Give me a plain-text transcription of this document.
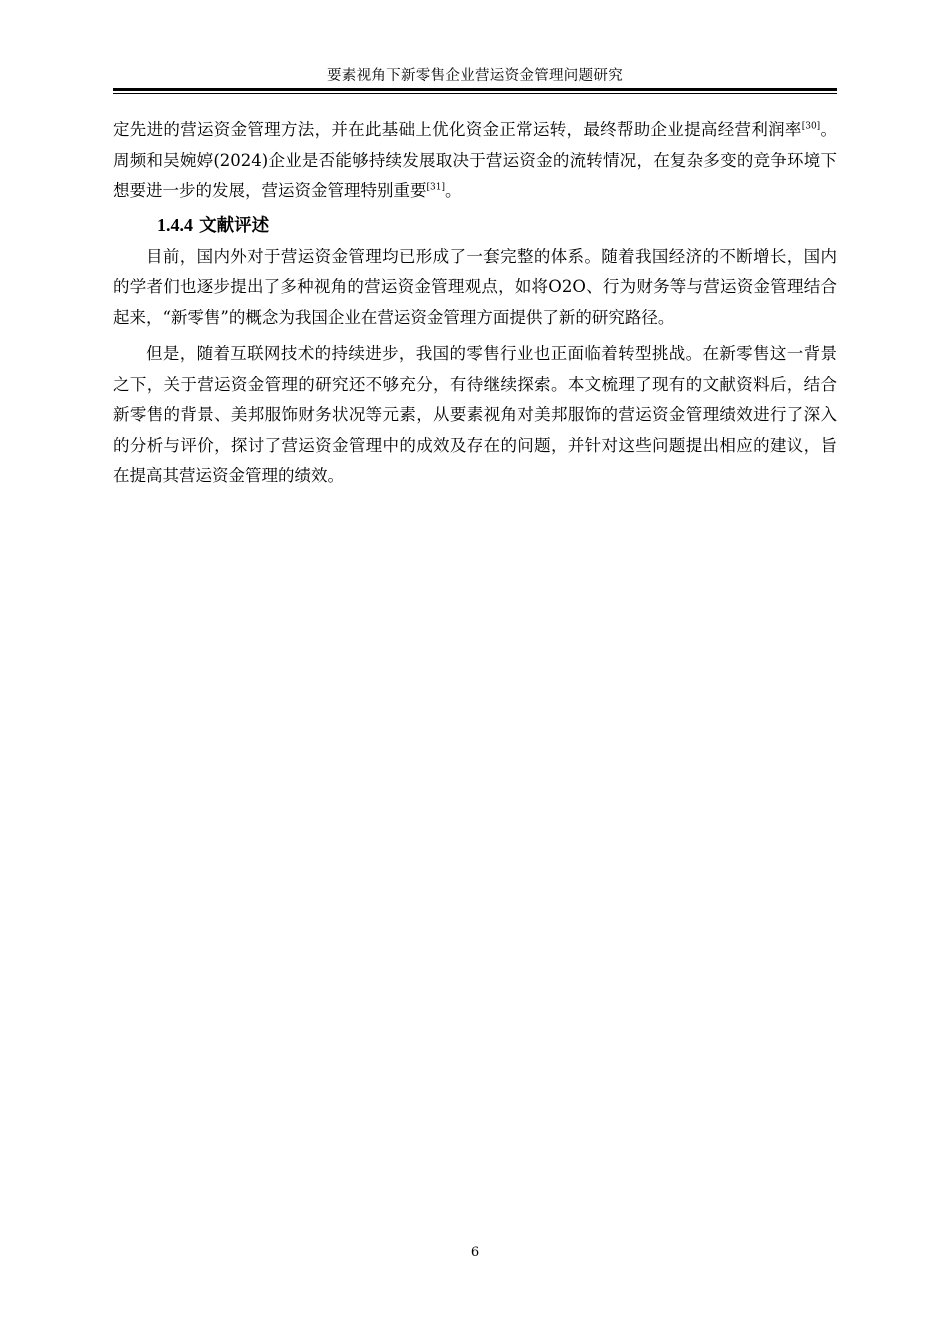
要素视角下新零售企业营运资金管理问题研究

定先进的营运资金管理方法，并在此基础上优化资金正常运转，最终帮助企业提高经营利润率[30]。周频和吴婉婷(2024)企业是否能够持续发展取决于营运资金的流转情况，在复杂多变的竞争环境下想要进一步的发展，营运资金管理特别重要[31]。

1.4.4 文献评述

目前，国内外对于营运资金管理均已形成了一套完整的体系。随着我国经济的不断增长，国内的学者们也逐步提出了多种视角的营运资金管理观点，如将O2O、行为财务等与营运资金管理结合起来，“新零售”的概念为我国企业在营运资金管理方面提供了新的研究路径。

但是，随着互联网技术的持续进步，我国的零售行业也正面临着转型挑战。在新零售这一背景之下，关于营运资金管理的研究还不够充分，有待继续探索。本文梳理了现有的文献资料后，结合新零售的背景、美邦服饰财务状况等元素，从要素视角对美邦服饰的营运资金管理绩效进行了深入的分析与评价，探讨了营运资金管理中的成效及存在的问题，并针对这些问题提出相应的建议，旨在提高其营运资金管理的绩效。

6
